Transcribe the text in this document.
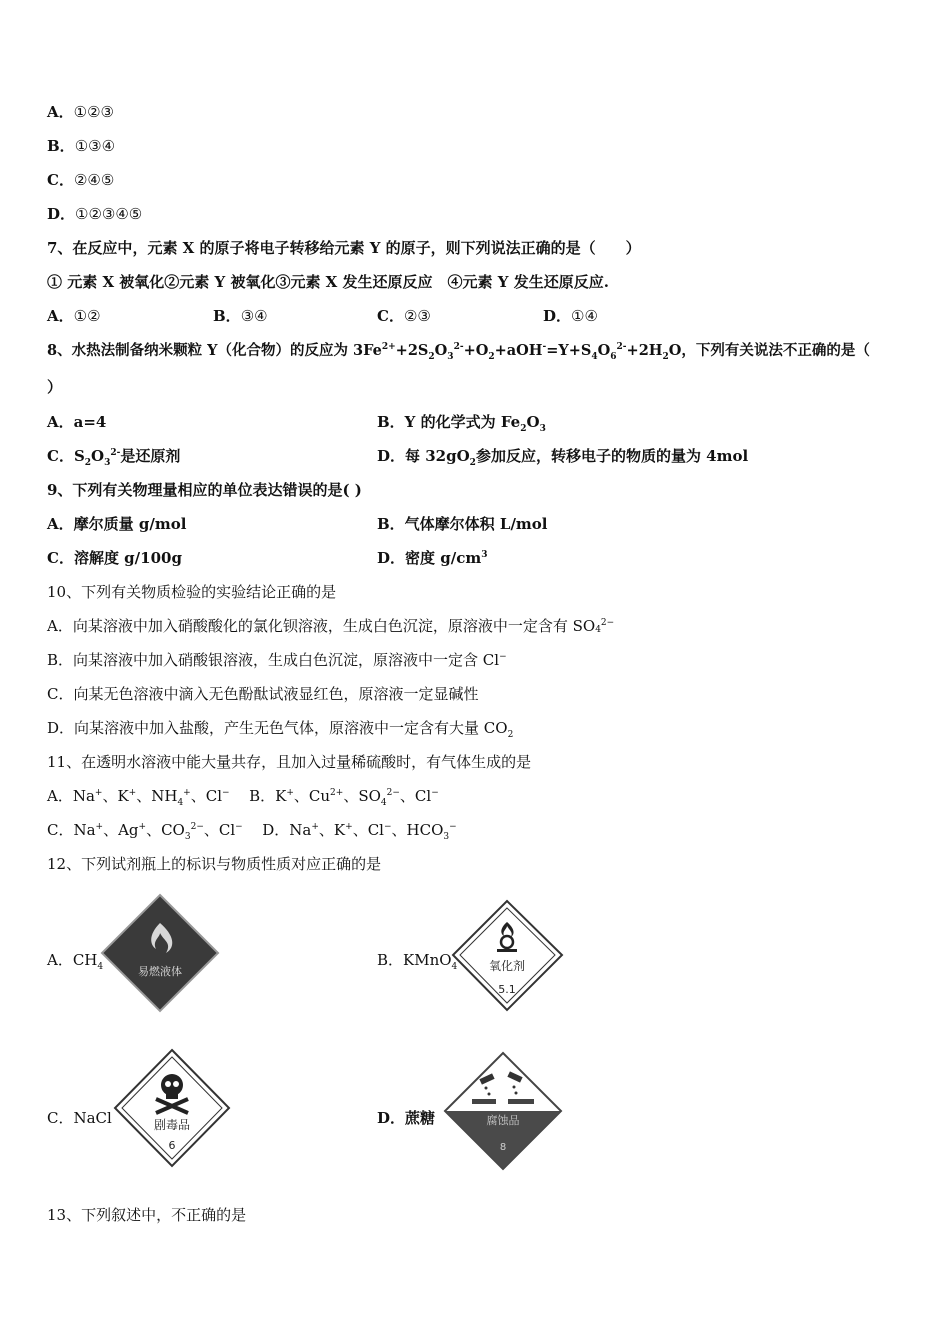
A．①②③
B．①③④
C．②④⑤
D．①②③④⑤
7、在反应中，元素 X 的原子将电子转移给元素 Y 的原子，则下列说法正确的是（　　）
① 元素 X 被氧化②元素 Y 被氧化③元素 X 发生还原反应　④元素 Y 发生还原反应.
A．①②	B．③④	C．②③	D．①④
8、水热法制备纳米颗粒 Y（化合物）的反应为 $3Fe^{2+}+2S_2O_3^{2-}+O_2+aOH^-=Y+S_4O_6^{2-}+2H_2O$，下列有关说法不正确的是（
）
A．a=4	B．Y 的化学式为 $Fe_2O_3$
C．$S_2O_3^{2-}$是还原剂	D．每 $32gO_2$参加反应，转移电子的物质的量为 4mol
9、下列有关物理量相应的单位表达错误的是( )
A．摩尔质量 g/mol	B．气体摩尔体积 L/mol
C．溶解度 g/100g	D．密度 $g/cm^3$
10、下列有关物质检验的实验结论正确的是
A．向某溶液中加入硝酸酸化的氯化钡溶液，生成白色沉淀，原溶液中一定含有 $SO_4^{2-}$
B．向某溶液中加入硝酸银溶液，生成白色沉淀，原溶液中一定含 Cl−
C．向某无色溶液中滴入无色酚酞试液显红色，原溶液一定显碱性
D．向某溶液中加入盐酸，产生无色气体，原溶液中一定含有大量 $CO_2$
11、在透明水溶液中能大量共存，且加入过量稀硫酸时，有气体生成的是
A．Na+、K+、$NH_4^+$、Cl− B．K+、$Cu^{2+}$、$SO_4^{2-}$、Cl−
C．Na+、Ag+、$CO_3^{2-}$、Cl− D．Na+、K+、Cl−、$HCO_3^-$
12、下列试剂瓶上的标识与物质性质对应正确的是
A．$CH_4$	易燃液体
B．KMnO$_4$	氧化剂
5.1
C．NaCl	剧毒品
6
D．蔗糖	腐蚀品
8
13、下列叙述中，不正确的是
